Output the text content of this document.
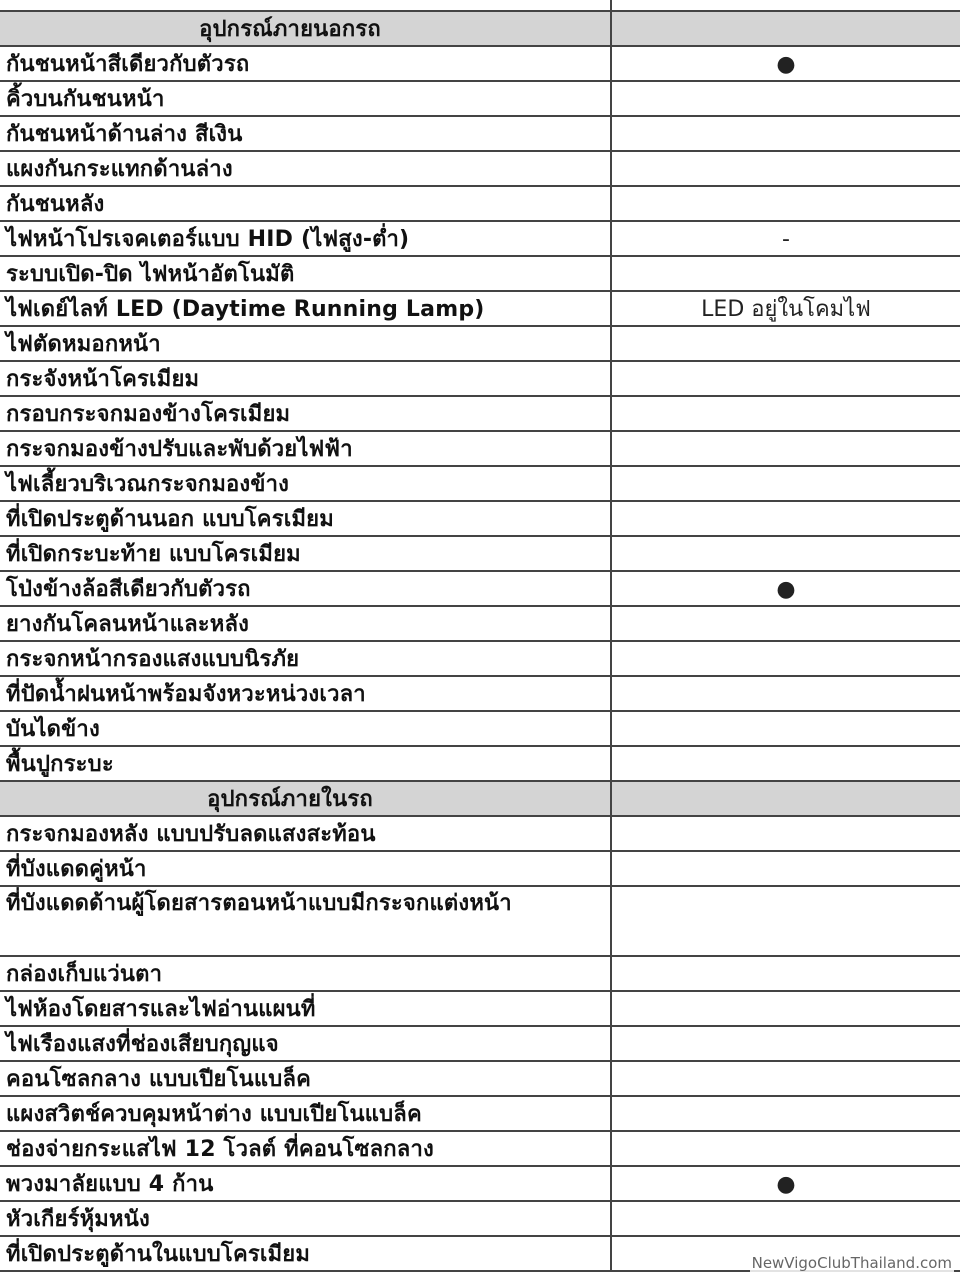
อุปกรณ์ภายนอกรถ
กันชนหน้าสีเดียวกับตัวรถ	●
คิ้วบนกันชนหน้า
กันชนหน้าด้านล่าง สีเงิน
แผงกันกระแทกด้านล่าง
กันชนหลัง
ไฟหน้าโปรเจคเตอร์แบบ HID (ไฟสูง-ต่ำ)	-
ระบบเปิด-ปิด ไฟหน้าอัตโนมัติ
ไฟเดย์ไลท์ LED (Daytime Running Lamp)	LED อยู่ในโคมไฟ
ไฟตัดหมอกหน้า
กระจังหน้าโครเมียม
กรอบกระจกมองข้างโครเมียม
กระจกมองข้างปรับและพับด้วยไฟฟ้า
ไฟเลี้ยวบริเวณกระจกมองข้าง
ที่เปิดประตูด้านนอก แบบโครเมียม
ที่เปิดกระบะท้าย แบบโครเมียม
โป่งข้างล้อสีเดียวกับตัวรถ	●
ยางกันโคลนหน้าและหลัง
กระจกหน้ากรองแสงแบบนิรภัย
ที่ปัดน้ำฝนหน้าพร้อมจังหวะหน่วงเวลา
บันไดข้าง
พื้นปูกระบะ
อุปกรณ์ภายในรถ
กระจกมองหลัง แบบปรับลดแสงสะท้อน
ที่บังแดดคู่หน้า
ที่บังแดดด้านผู้โดยสารตอนหน้าแบบมีกระจกแต่งหน้า
กล่องเก็บแว่นตา
ไฟห้องโดยสารและไฟอ่านแผนที่
ไฟเรืองแสงที่ช่องเสียบกุญแจ
คอนโซลกลาง แบบเปียโนแบล็ค
แผงสวิตช์ควบคุมหน้าต่าง แบบเปียโนแบล็ค
ช่องจ่ายกระแสไฟ 12 โวลต์ ที่คอนโซลกลาง
พวงมาลัยแบบ 4 ก้าน	●
หัวเกียร์หุ้มหนัง
ที่เปิดประตูด้านในแบบโครเมียม	NewVigoClubThailand.com
